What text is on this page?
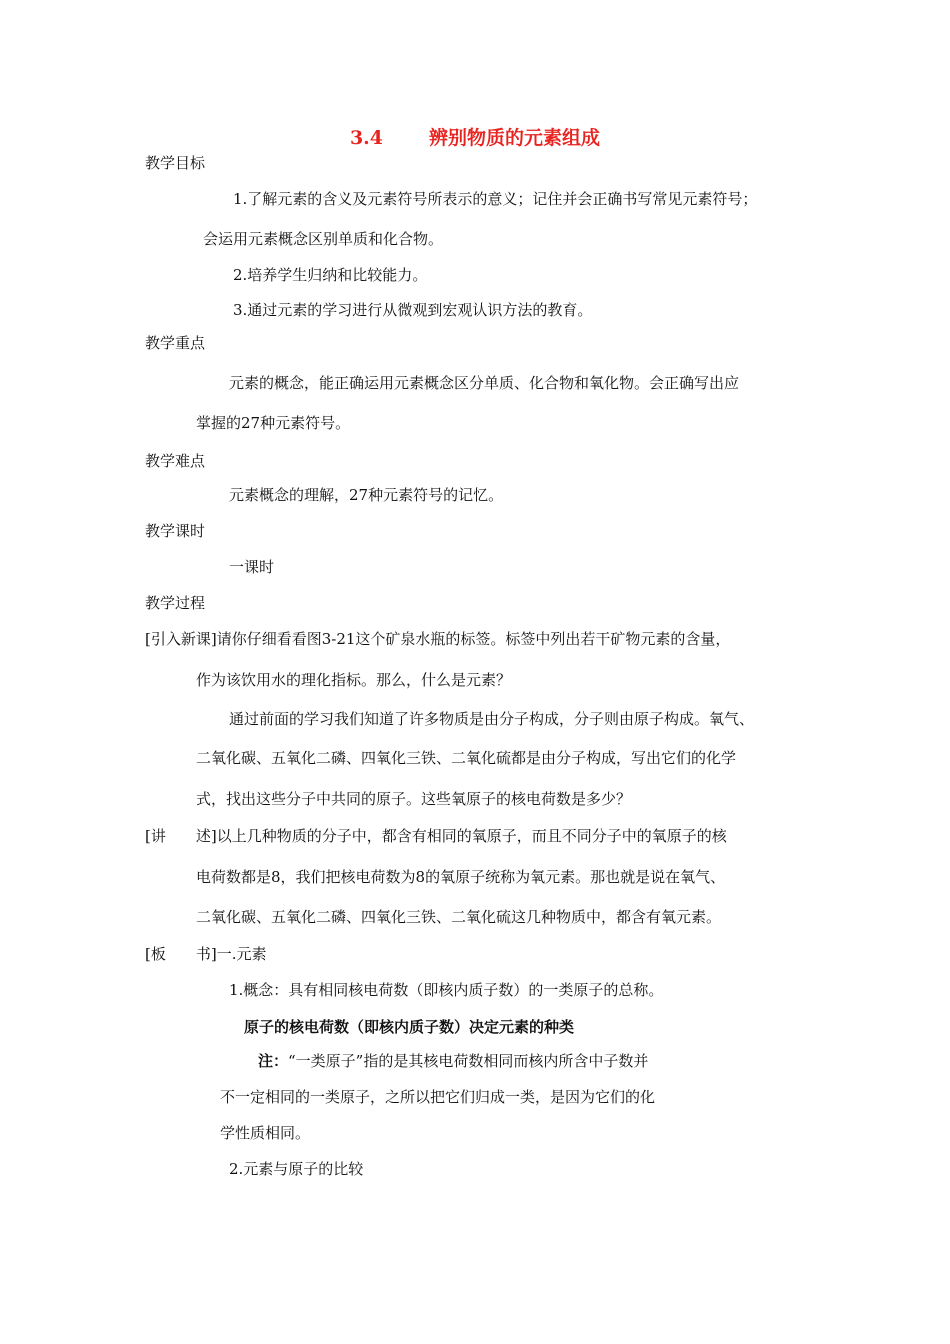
3.4 辨别物质的元素组成
教学目标
1.了解元素的含义及元素符号所表示的意义；记住并会正确书写常见元素符号；
会运用元素概念区别单质和化合物。
2.培养学生归纳和比较能力。
3.通过元素的学习进行从微观到宏观认识方法的教育。
教学重点
元素的概念，能正确运用元素概念区分单质、化合物和氧化物。会正确写出应
掌握的27种元素符号。
教学难点
元素概念的理解，27种元素符号的记忆。
教学课时
一课时
教学过程
[引入新课]请你仔细看看图3-21这个矿泉水瓶的标签。标签中列出若干矿物元素的含量，
作为该饮用水的理化指标。那么，什么是元素？
通过前面的学习我们知道了许多物质是由分子构成，分子则由原子构成。氧气、
二氧化碳、五氧化二磷、四氧化三铁、二氧化硫都是由分子构成，写出它们的化学
式，找出这些分子中共同的原子。这些氧原子的核电荷数是多少？
[讲 述]以上几种物质的分子中，都含有相同的氧原子，而且不同分子中的氧原子的核
电荷数都是8，我们把核电荷数为8的氧原子统称为氧元素。那也就是说在氧气、
二氧化碳、五氧化二磷、四氧化三铁、二氧化硫这几种物质中，都含有氧元素。
[板 书]一.元素
1.概念：具有相同核电荷数（即核内质子数）的一类原子的总称。
原子的核电荷数（即核内质子数）决定元素的种类
注：“一类原子”指的是其核电荷数相同而核内所含中子数并
不一定相同的一类原子，之所以把它们归成一类，是因为它们的化
学性质相同。
2.元素与原子的比较
